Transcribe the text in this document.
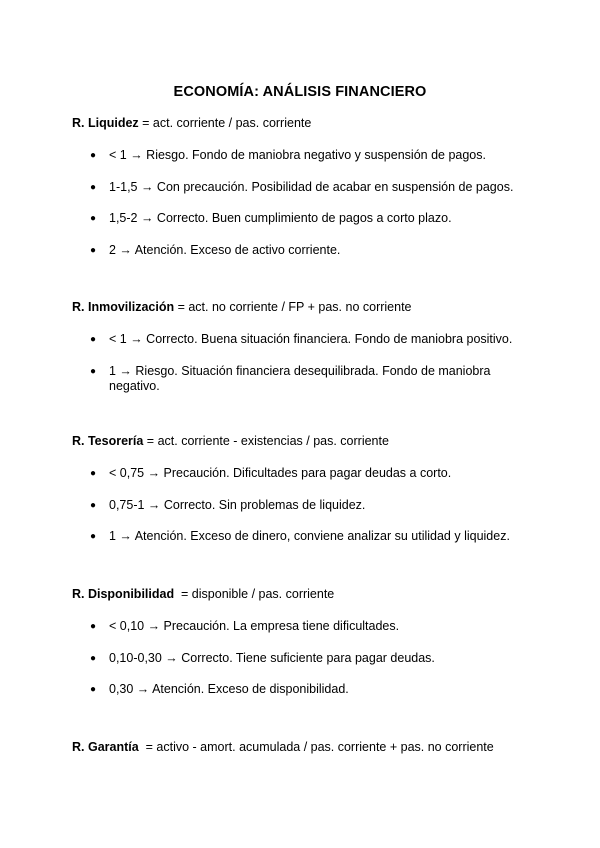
ECONOMÍA: ANÁLISIS FINANCIERO
R. Liquidez = act. corriente / pas. corriente
● < 1 → Riesgo. Fondo de maniobra negativo y suspensión de pagos.
● 1-1,5 → Con precaución. Posibilidad de acabar en suspensión de pagos.
● 1,5-2 → Correcto. Buen cumplimiento de pagos a corto plazo.
● 2 → Atención. Exceso de activo corriente.
R. Inmovilización = act. no corriente / FP + pas. no corriente
● < 1 → Correcto. Buena situación financiera. Fondo de maniobra positivo.
● 1 → Riesgo. Situación financiera desequilibrada. Fondo de maniobra negativo.
R. Tesorería = act. corriente - existencias / pas. corriente
● < 0,75 → Precaución. Dificultades para pagar deudas a corto.
● 0,75-1 → Correcto. Sin problemas de liquidez.
● 1 → Atención. Exceso de dinero, conviene analizar su utilidad y liquidez.
R. Disponibilidad  = disponible / pas. corriente
● < 0,10 → Precaución. La empresa tiene dificultades.
● 0,10-0,30 → Correcto. Tiene suficiente para pagar deudas.
● 0,30 → Atención. Exceso de disponibilidad.
R. Garantía  = activo - amort. acumulada / pas. corriente + pas. no corriente
